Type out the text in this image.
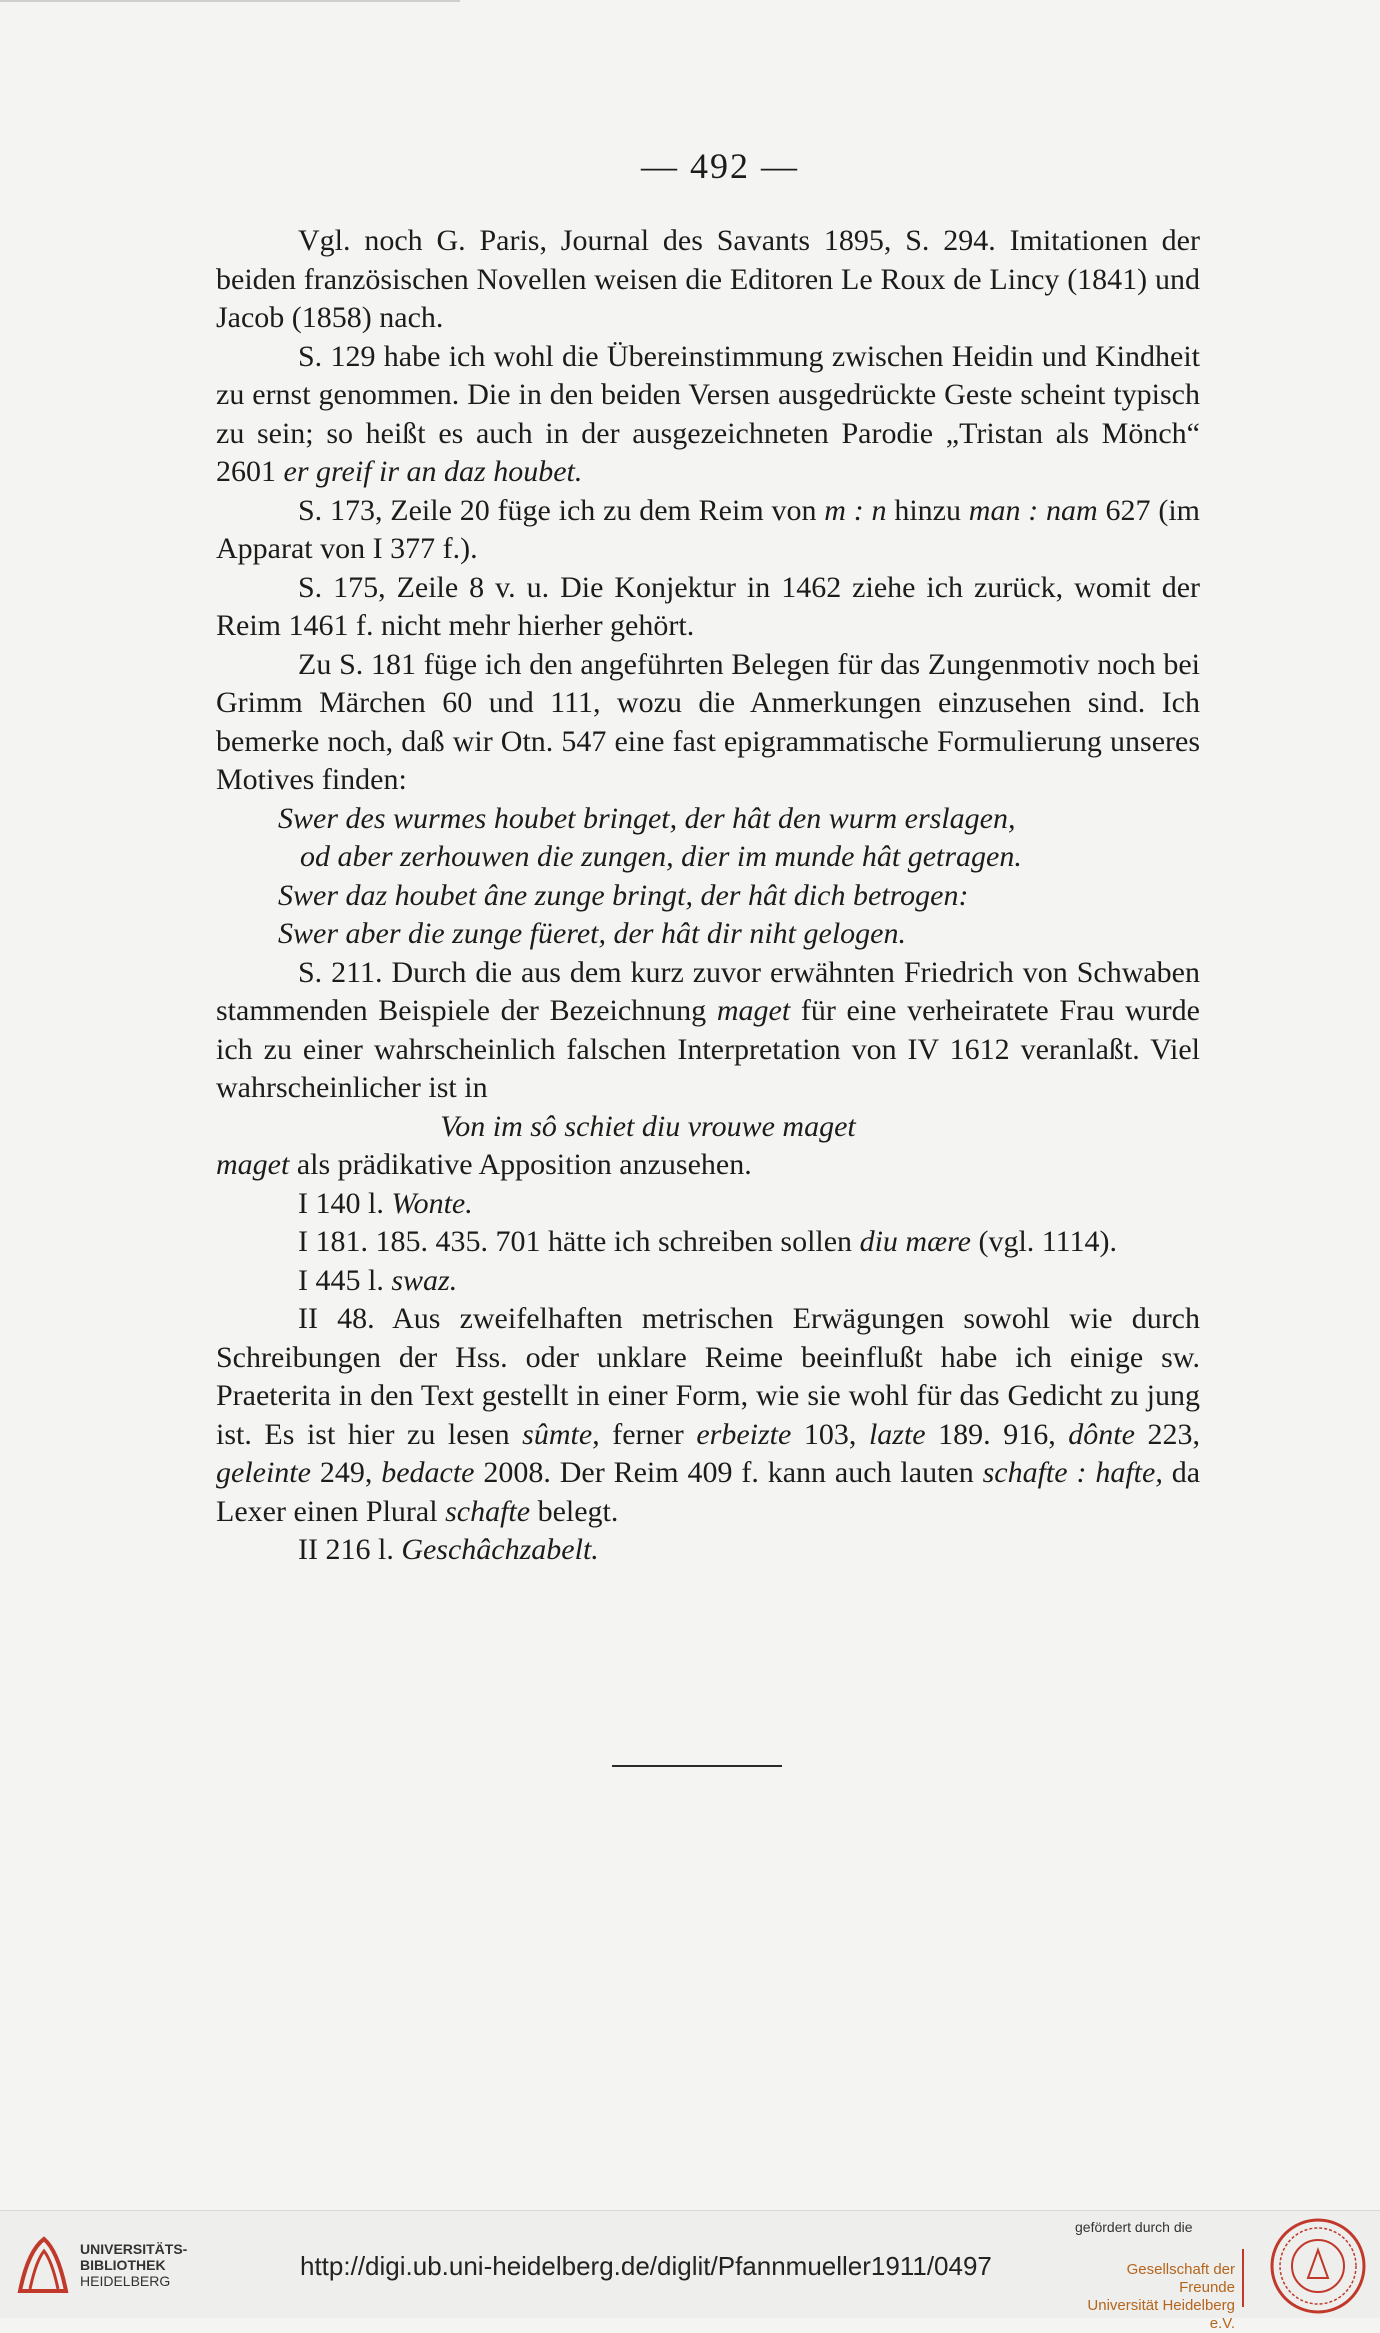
— 492 —

Vgl. noch G. Paris, Journal des Savants 1895, S. 294. Imitationen der beiden französischen Novellen weisen die Editoren Le Roux de Lincy (1841) und Jacob (1858) nach.

S. 129 habe ich wohl die Übereinstimmung zwischen Heidin und Kindheit zu ernst genommen. Die in den beiden Versen ausgedrückte Geste scheint typisch zu sein; so heißt es auch in der ausgezeichneten Parodie „Tristan als Mönch“ 2601 er greif ir an daz houbet.

S. 173, Zeile 20 füge ich zu dem Reim von m : n hinzu man : nam 627 (im Apparat von I 377 f.).

S. 175, Zeile 8 v. u. Die Konjektur in 1462 ziehe ich zurück, womit der Reim 1461 f. nicht mehr hierher gehört.

Zu S. 181 füge ich den angeführten Belegen für das Zungenmotiv noch bei Grimm Märchen 60 und 111, wozu die Anmerkungen einzusehen sind. Ich bemerke noch, daß wir Otn. 547 eine fast epigrammatische Formulierung unseres Motives finden:

Swer des wurmes houbet bringet, der hât den wurm erslagen,
od aber zerhouwen die zungen, dier im munde hât getragen.
Swer daz houbet âne zunge bringt, der hât dich betrogen:
Swer aber die zunge füeret, der hât dir niht gelogen.

S. 211. Durch die aus dem kurz zuvor erwähnten Friedrich von Schwaben stammenden Beispiele der Bezeichnung maget für eine verheiratete Frau wurde ich zu einer wahrscheinlich falschen Interpretation von IV 1612 veranlaßt. Viel wahrscheinlicher ist in

Von im sô schiet diu vrouwe maget

maget als prädikative Apposition anzusehen.

I 140 l. Wonte.

I 181. 185. 435. 701 hätte ich schreiben sollen diu mære (vgl. 1114).

I 445 l. swaz.

II 48. Aus zweifelhaften metrischen Erwägungen sowohl wie durch Schreibungen der Hss. oder unklare Reime beeinflußt habe ich einige sw. Praeterita in den Text gestellt in einer Form, wie sie wohl für das Gedicht zu jung ist. Es ist hier zu lesen sûmte, ferner erbeizte 103, lazte 189. 916, dônte 223, geleinte 249, bedacte 2008. Der Reim 409 f. kann auch lauten schafte : hafte, da Lexer einen Plural schafte belegt.

II 216 l. Geschâchzabelt.

UNIVERSITÄTS-
BIBLIOTHEK
HEIDELBERG	http://digi.ub.uni-heidelberg.de/diglit/Pfannmueller1911/0497
gefördert durch die
Gesellschaft der Freunde
Universität Heidelberg e.V.
